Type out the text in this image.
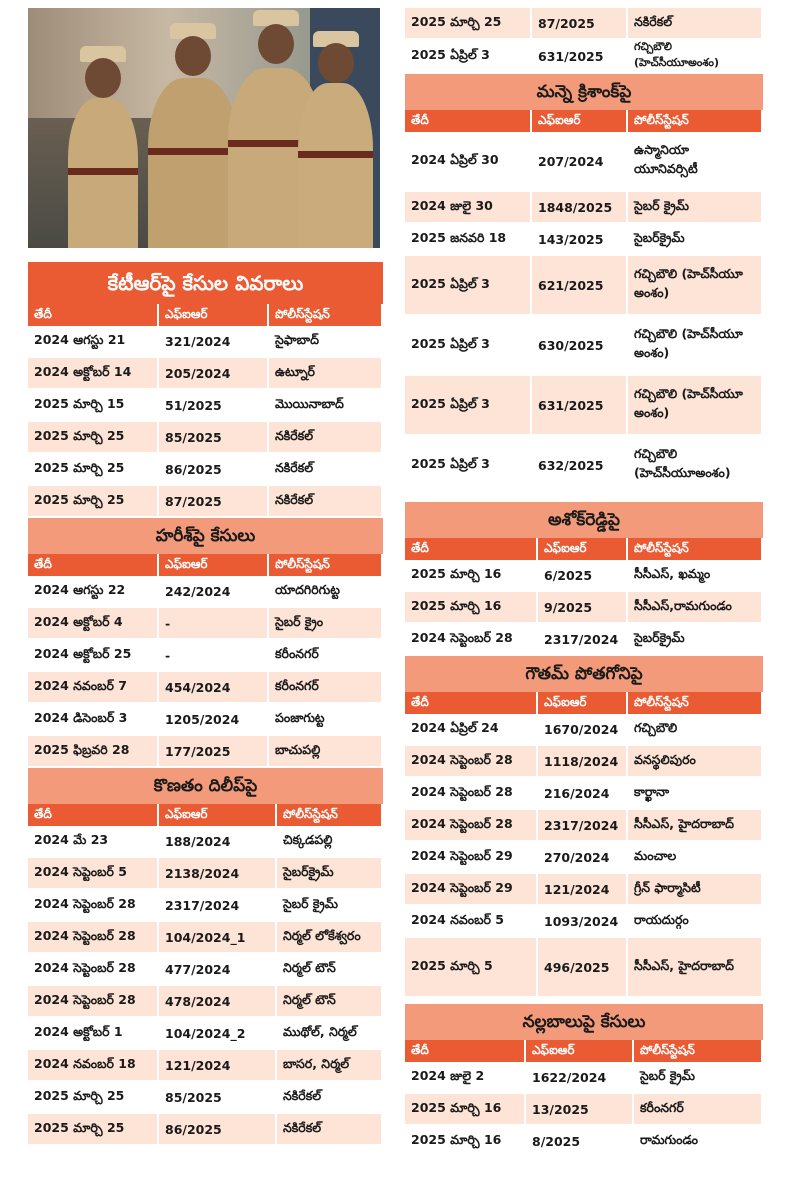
కేటీఆర్‌పై కేసుల వివరాలు
తేదీ	ఎఫ్ఐఆర్	పోలీస్‌స్టేషన్
2024 ఆగస్టు 21	321/2024	సైఫాబాద్
2024 అక్టోబర్ 14	205/2024	ఉట్నూర్
2025 మార్చి 15	51/2025	మొయినాబాద్
2025 మార్చి 25	85/2025	నకిరేకల్
2025 మార్చి 25	86/2025	నకిరేకల్
2025 మార్చి 25	87/2025	నకిరేకల్
హరీశ్‌పై కేసులు
తేదీ	ఎఫ్ఐఆర్	పోలీస్‌స్టేషన్
2024 ఆగస్టు 22	242/2024	యాదగిరిగుట్ట
2024 అక్టోబర్ 4	-	సైబర్ క్రైం
2024 అక్టోబర్ 25	-	కరీంనగర్
2024 నవంబర్ 7	454/2024	కరీంనగర్
2024 డిసెంబర్ 3	1205/2024	పంజాగుట్ట
2025 ఫిబ్రవరి 28	177/2025	బాచుపల్లి
కొణతం దిలీప్‌పై
తేదీ	ఎఫ్ఐఆర్	పోలీస్‌స్టేషన్
2024 మే 23	188/2024	చిక్కడపల్లి
2024 సెప్టెంబర్ 5	2138/2024	సైబర్‌క్రైమ్
2024 సెప్టెంబర్ 28	2317/2024	సైబర్ క్రైమ్
2024 సెప్టెంబర్ 28	104/2024_1	నిర్మల్ లోకేశ్వరం
2024 సెప్టెంబర్ 28	477/2024	నిర్మల్ టౌన్
2024 సెప్టెంబర్ 28	478/2024	నిర్మల్ టౌన్
2024 అక్టోబర్ 1	104/2024_2	ముథోల్, నిర్మల్
2024 నవంబర్ 18	121/2024	బాసర, నిర్మల్
2025 మార్చి 25	85/2025	నకిరేకల్
2025 మార్చి 25	86/2025	నకిరేకల్
2025 మార్చి 25	87/2025	నకిరేకల్
2025 ఏప్రిల్ 3	631/2025	గచ్చిబౌలి (హెచ్‌సీయూఅంశం)
మన్నె క్రిశాంక్‌పై
తేదీ	ఎఫ్ఐఆర్	పోలీస్‌స్టేషన్
2024 ఏప్రిల్ 30	207/2024	ఉస్మానియా యూనివర్సిటీ
2024 జులై 30	1848/2025	సైబర్ క్రైమ్
2025 జనవరి 18	143/2025	సైబర్‌క్రైమ్
2025 ఏప్రిల్ 3	621/2025	గచ్చిబౌలి (హెచ్‌సీయూ అంశం)
2025 ఏప్రిల్ 3	630/2025	గచ్చిబౌలి (హెచ్‌సీయూ అంశం)
2025 ఏప్రిల్ 3	631/2025	గచ్చిబౌలి (హెచ్‌సీయూ అంశం)
2025 ఏప్రిల్ 3	632/2025	గచ్చిబౌలి (హెచ్‌సీయూఅంశం)
అశోక్‌రెడ్డిపై
తేదీ	ఎఫ్ఐఆర్	పోలీస్‌స్టేషన్
2025 మార్చి 16	6/2025	సీసీఎస్, ఖమ్మం
2025 మార్చి 16	9/2025	సీసీఎస్,రామగుండం
2024 సెప్టెంబర్ 28	2317/2024	సైబర్‌క్రైమ్
గౌతమ్ పోతగోనిపై
తేదీ	ఎఫ్ఐఆర్	పోలీస్‌స్టేషన్
2024 ఏప్రిల్ 24	1670/2024	గచ్చిబౌలి
2024 సెప్టెంబర్ 28	1118/2024	వనస్థలిపురం
2024 సెప్టెంబర్ 28	216/2024	కార్ఖానా
2024 సెప్టెంబర్ 28	2317/2024	సీసీఎస్, హైదరాబాద్
2024 సెప్టెంబర్ 29	270/2024	మంచాల
2024 సెప్టెంబర్ 29	121/2024	గ్రీన్ ఫార్మాసిటీ
2024 నవంబర్ 5	1093/2024	రాయదుర్గం
2025 మార్చి 5	496/2025	సీసీఎస్, హైదరాబాద్
నల్లబాలుపై కేసులు
తేదీ	ఎఫ్ఐఆర్	పోలీస్‌స్టేషన్
2024 జులై 2	1622/2024	సైబర్ క్రైమ్
2025 మార్చి 16	13/2025	కరీంనగర్
2025 మార్చి 16	8/2025	రామగుండం
